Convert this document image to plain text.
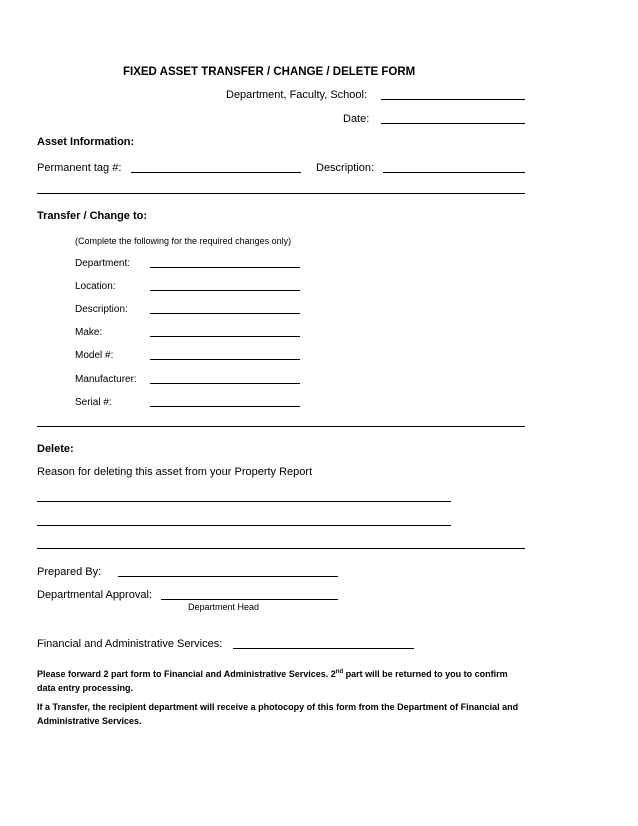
FIXED ASSET TRANSFER / CHANGE / DELETE FORM
Department, Faculty, School:
Date:
Asset Information:
Permanent tag #:	Description:
Transfer / Change to:
(Complete the following for the required changes only)
Department:
Location:
Description:
Make:
Model #:
Manufacturer:
Serial #:
Delete:
Reason for deleting this asset from your Property Report
Prepared By:
Departmental Approval:
Department Head
Financial and Administrative Services:
Please forward 2 part form to Financial and Administrative Services. 2nd part will be returned to you to confirm data entry processing.
If a Transfer, the recipient department will receive a photocopy of this form from the Department of Financial and Administrative Services.
